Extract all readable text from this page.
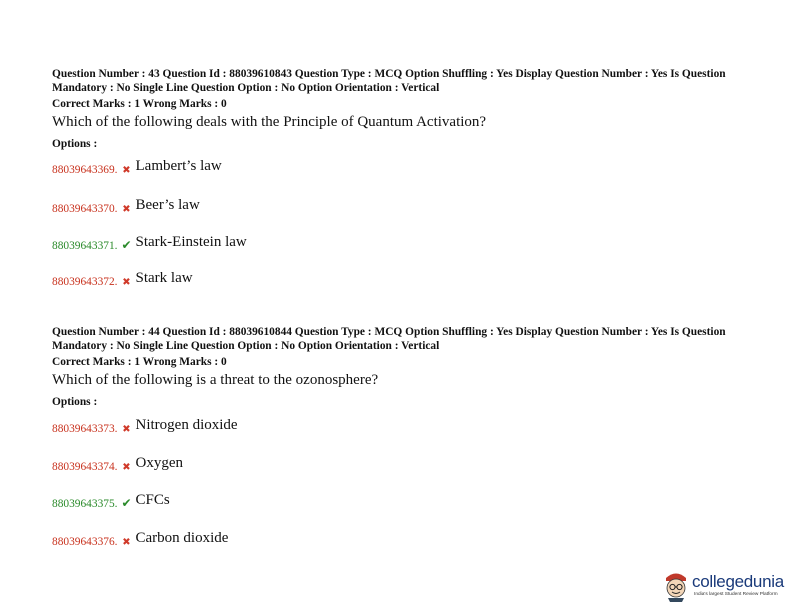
Question Number : 43 Question Id : 88039610843 Question Type : MCQ Option Shuffling : Yes Display Question Number : Yes Is Question Mandatory : No Single Line Question Option : No Option Orientation : Vertical
Correct Marks : 1 Wrong Marks : 0
Which of the following deals with the Principle of Quantum Activation?
Options :
88039643369. ✖ Lambert’s law
88039643370. ✖ Beer’s law
88039643371. ✔ Stark-Einstein law
88039643372. ✖ Stark law
Question Number : 44 Question Id : 88039610844 Question Type : MCQ Option Shuffling : Yes Display Question Number : Yes Is Question Mandatory : No Single Line Question Option : No Option Orientation : Vertical
Correct Marks : 1 Wrong Marks : 0
Which of the following is a threat to the ozonosphere?
Options :
88039643373. ✖ Nitrogen dioxide
88039643374. ✖ Oxygen
88039643375. ✔ CFCs
88039643376. ✖ Carbon dioxide
collegedunia
India's largest Student Review Platform
